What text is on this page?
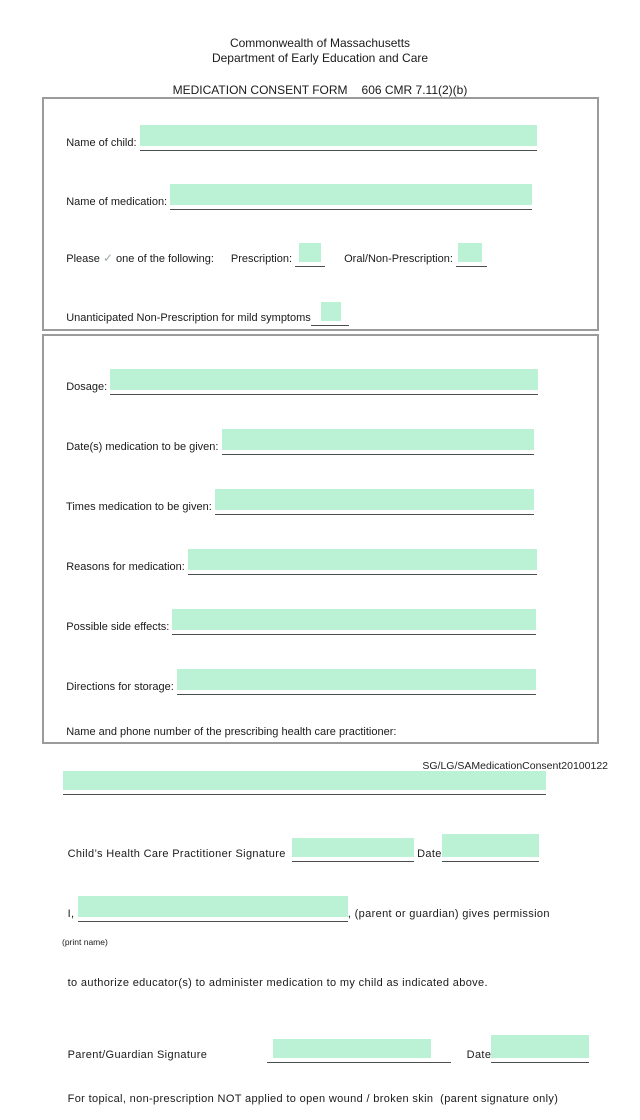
Commonwealth of Massachusetts
Department of Early Education and Care
MEDICATION CONSENT FORM 606 CMR 7.11(2)(b)

Name of child:

Name of medication:

Please ✓ one of the following: Prescription:	Oral/Non-Prescription:

Unanticipated Non-Prescription for mild symptoms

Dosage:

Date(s) medication to be given:

Times medication to be given:

Reasons for medication:

Possible side effects:

Directions for storage:

Name and phone number of the prescribing health care practitioner:

Child’s Health Care Practitioner Signature	Date

I,	, (parent or guardian) gives permission

(print name)

to authorize educator(s) to administer medication to my child as indicated above.

Parent/Guardian Signature	Date

For topical, non-prescription NOT applied to open wound / broken skin  (parent signature only)

SG/LG/SAMedicationConsent20100122
